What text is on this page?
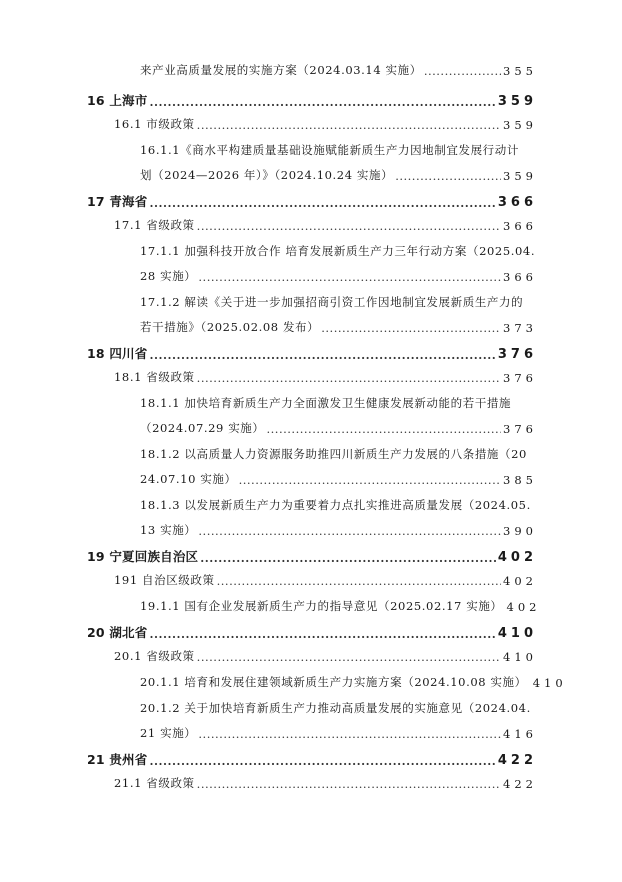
来产业高质量发展的实施方案（2024.03.14 实施） .....	355
16 上海市 .....	359
16.1 市级政策 .....	359
16.1.1《商水平构建质量基础设施赋能新质生产力因地制宜发展行动计
划（2024—2026 年）》（2024.10.24 实施） .....	359
17 青海省 .....	366
17.1 省级政策 .....	366
17.1.1 加强科技开放合作 培育发展新质生产力三年行动方案（2025.04.
28 实施） .....	366
17.1.2 解读《关于进一步加强招商引资工作因地制宜发展新质生产力的
若干措施》（2025.02.08 发布） .....	373
18 四川省 .....	376
18.1 省级政策 .....	376
18.1.1 加快培育新质生产力全面激发卫生健康发展新动能的若干措施
（2024.07.29 实施） .....	376
18.1.2 以高质量人力资源服务助推四川新质生产力发展的八条措施（20
24.07.10 实施） .....	385
18.1.3 以发展新质生产力为重要着力点扎实推进高质量发展（2024.05.
13 实施） .....	390
19 宁夏回族自治区 .....	402
191 自治区级政策 .....	402
19.1.1 国有企业发展新质生产力的指导意见（2025.02.17 实施） 402
20 湖北省 .....	410
20.1 省级政策 .....	410
20.1.1 培育和发展住建领域新质生产力实施方案（2024.10.08 实施） 410
20.1.2 关于加快培育新质生产力推动高质量发展的实施意见（2024.04.
21 实施） .....	416
21 贵州省 .....	422
21.1 省级政策 .....	422
